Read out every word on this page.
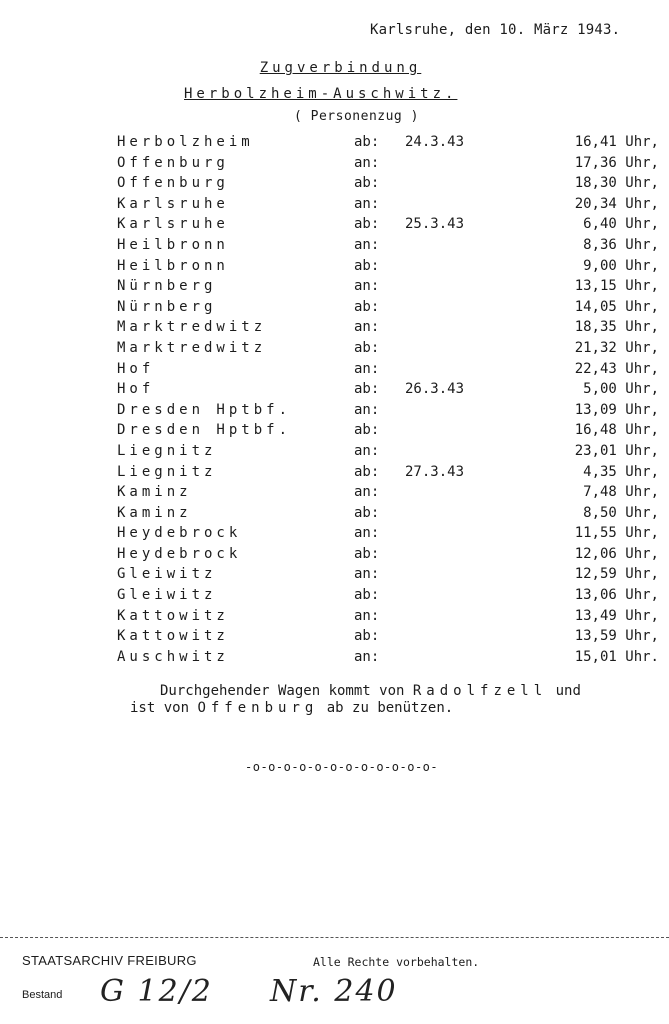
Karlsruhe, den 10. März 1943.
Zugverbindung
Herbolzheim-Auschwitz.
( Personenzug )
Herbolzheim	ab: 24.3.43	16,41 Uhr,
Offenburg	an:	17,36 Uhr,
Offenburg	ab:	18,30 Uhr,
Karlsruhe	an:	20,34 Uhr,
Karlsruhe	ab: 25.3.43	6,40 Uhr,
Heilbronn	an:	8,36 Uhr,
Heilbronn	ab:	9,00 Uhr,
Nürnberg	an:	13,15 Uhr,
Nürnberg	ab:	14,05 Uhr,
Marktredwitz	an:	18,35 Uhr,
Marktredwitz	ab:	21,32 Uhr,
Hof	an:	22,43 Uhr,
Hof	ab: 26.3.43	5,00 Uhr,
Dresden Hptbf.	an:	13,09 Uhr,
Dresden Hptbf.	ab:	16,48 Uhr,
Liegnitz	an:	23,01 Uhr,
Liegnitz	ab: 27.3.43	4,35 Uhr,
Kaminz	an:	7,48 Uhr,
Kaminz	ab:	8,50 Uhr,
Heydebrock	an:	11,55 Uhr,
Heydebrock	ab:	12,06 Uhr,
Gleiwitz	an:	12,59 Uhr,
Gleiwitz	ab:	13,06 Uhr,
Kattowitz	an:	13,49 Uhr,
Kattowitz	ab:	13,59 Uhr,
Auschwitz	an:	15,01 Uhr.
Durchgehender Wagen kommt von Radolfzell und
ist von Offenburg ab zu benützen.
-o-o-o-o-o-o-o-o-o-o-o-o-
STAATSARCHIV FREIBURG	Alle Rechte vorbehalten.
Bestand G 12/2 Nr. 240
